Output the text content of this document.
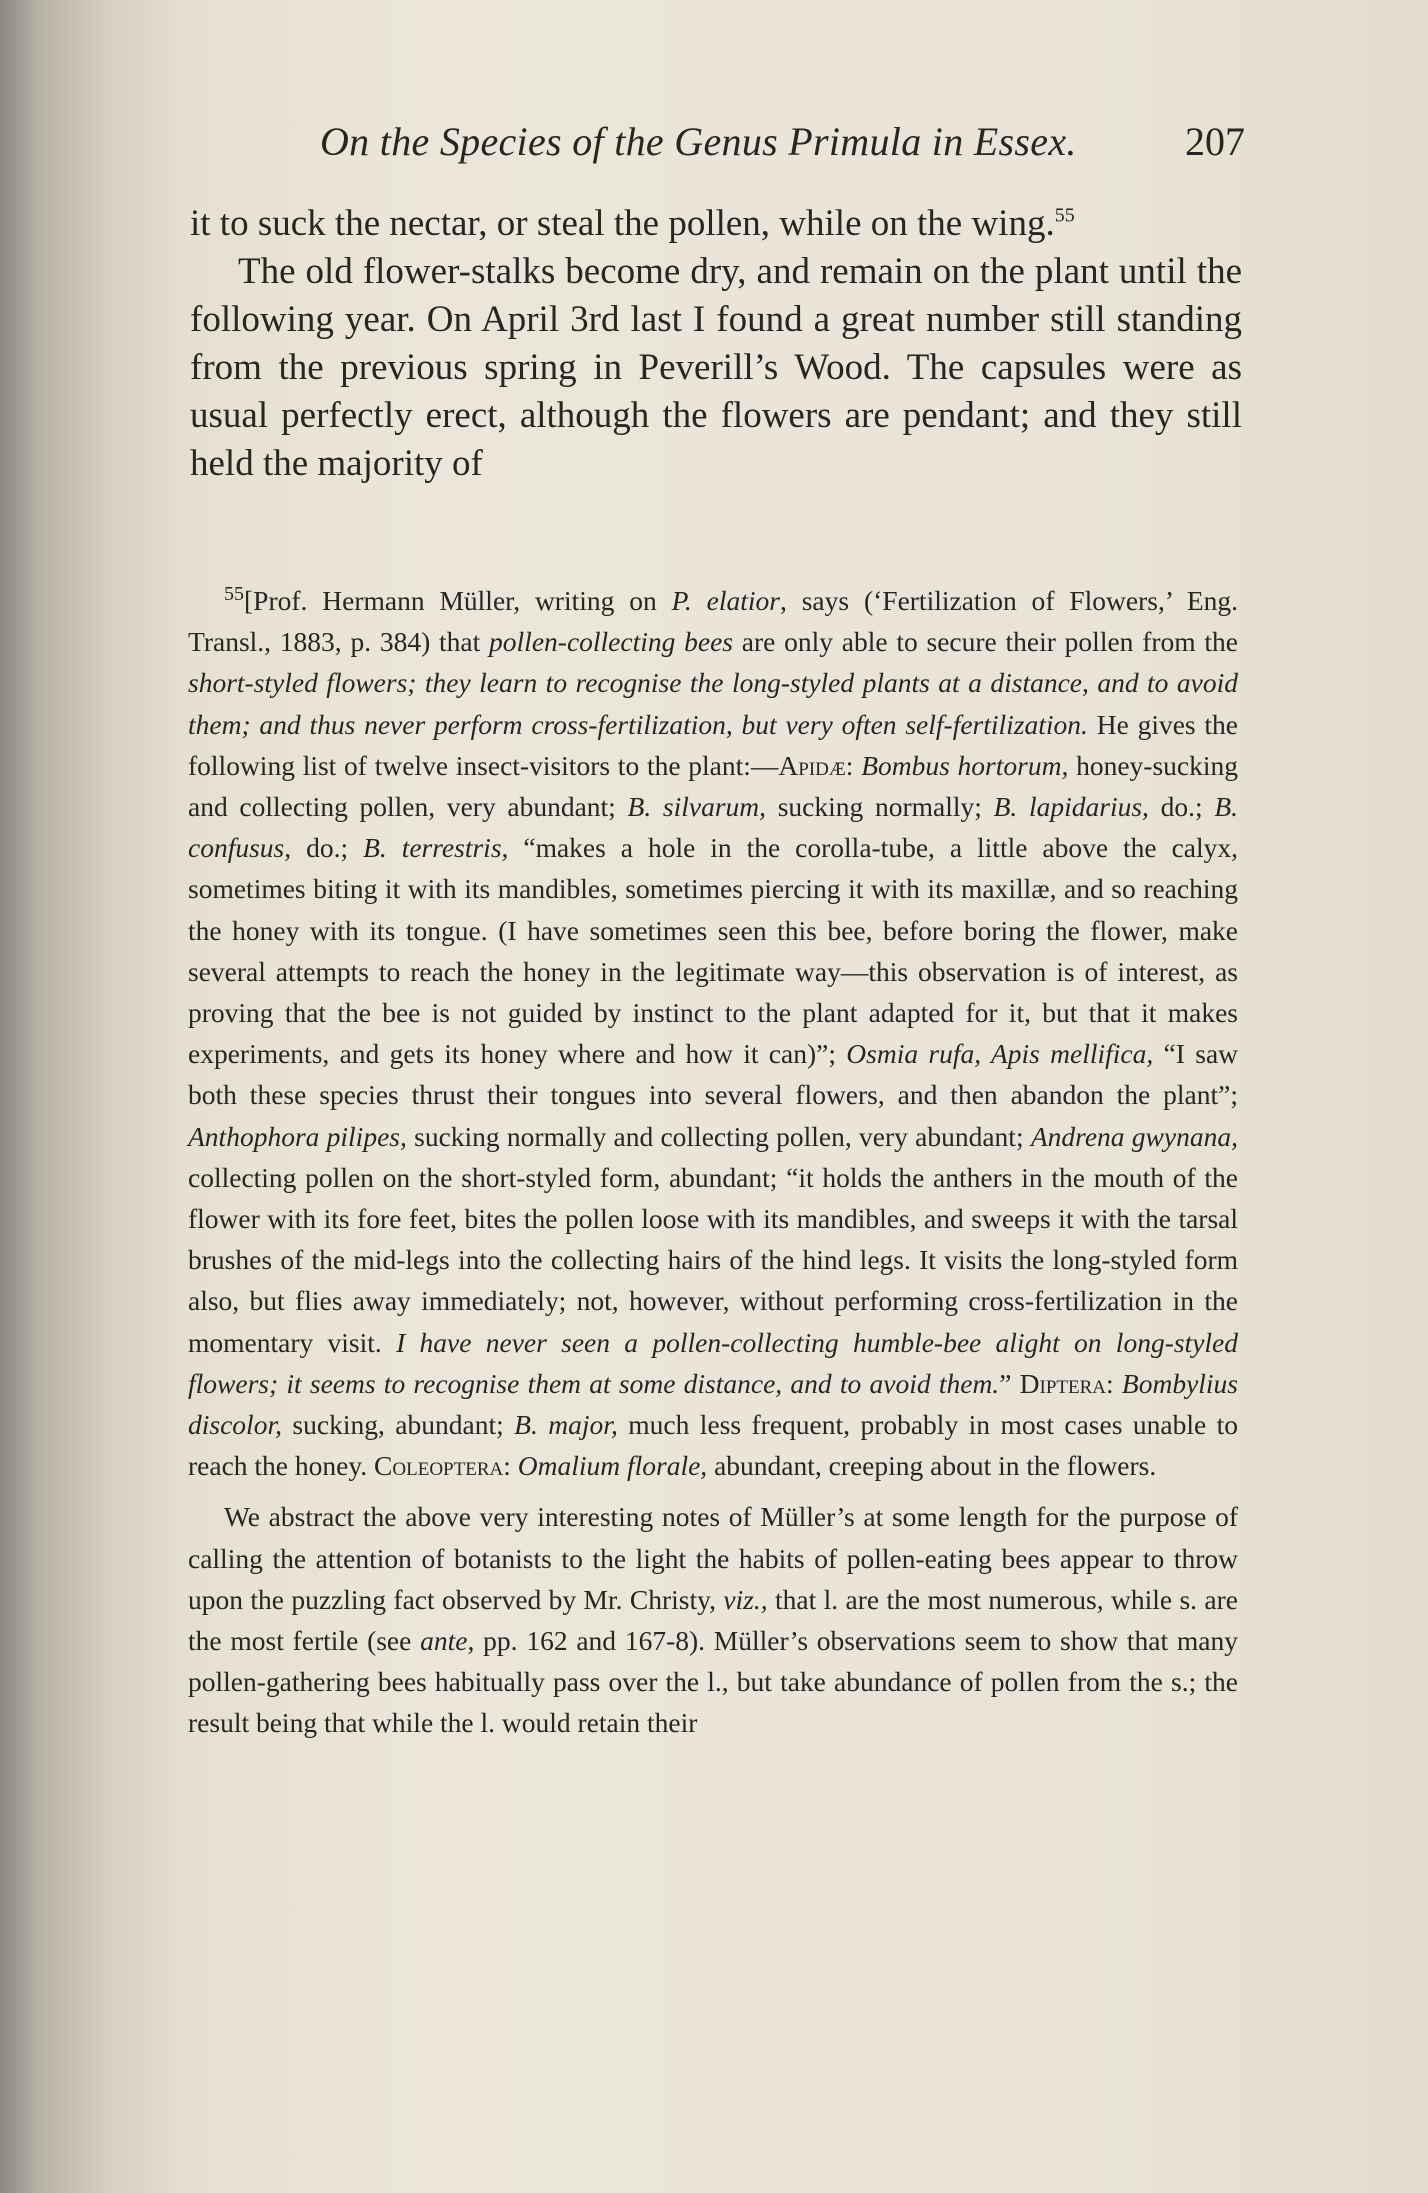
On the Species of the Genus Primula in Essex.	207

it to suck the nectar, or steal the pollen, while on the wing.$^{55}$

The old flower-stalks become dry, and remain on the plant until the following year. On April 3rd last I found a great number still standing from the previous spring in Peverill’s Wood. The capsules were as usual perfectly erect, although the flowers are pendant; and they still held the majority of

$^{55}$[Prof. Hermann Müller, writing on P. elatior, says (‘Fertilization of Flowers,’ Eng. Transl., 1883, p. 384) that pollen-collecting bees are only able to secure their pollen from the short-styled flowers; they learn to recognise the long-styled plants at a distance, and to avoid them; and thus never perform cross-fertilization, but very often self-fertilization. He gives the following list of twelve insect-visitors to the plant:—Apidæ: Bombus hortorum, honey-sucking and collecting pollen, very abundant; B. silvarum, sucking normally; B. lapidarius, do.; B. confusus, do.; B. terrestris, “makes a hole in the corolla-tube, a little above the calyx, sometimes biting it with its mandibles, sometimes piercing it with its maxillæ, and so reaching the honey with its tongue. (I have sometimes seen this bee, before boring the flower, make several attempts to reach the honey in the legitimate way—this observation is of interest, as proving that the bee is not guided by instinct to the plant adapted for it, but that it makes experiments, and gets its honey where and how it can)”; Osmia rufa, Apis mellifica, “I saw both these species thrust their tongues into several flowers, and then abandon the plant”; Anthophora pilipes, sucking normally and collecting pollen, very abundant; Andrena gwynana, collecting pollen on the short-styled form, abundant; “it holds the anthers in the mouth of the flower with its fore feet, bites the pollen loose with its mandibles, and sweeps it with the tarsal brushes of the mid-legs into the collecting hairs of the hind legs. It visits the long-styled form also, but flies away immediately; not, however, without performing cross-fertilization in the momentary visit. I have never seen a pollen-collecting humble-bee alight on long-styled flowers; it seems to recognise them at some distance, and to avoid them.” Diptera: Bombylius discolor, sucking, abundant; B. major, much less frequent, probably in most cases unable to reach the honey. Coleoptera: Omalium florale, abundant, creeping about in the flowers.

We abstract the above very interesting notes of Müller’s at some length for the purpose of calling the attention of botanists to the light the habits of pollen-eating bees appear to throw upon the puzzling fact observed by Mr. Christy, viz., that l. are the most numerous, while s. are the most fertile (see ante, pp. 162 and 167-8). Müller’s observations seem to show that many pollen-gathering bees habitually pass over the l., but take abundance of pollen from the s.; the result being that while the l. would retain their
